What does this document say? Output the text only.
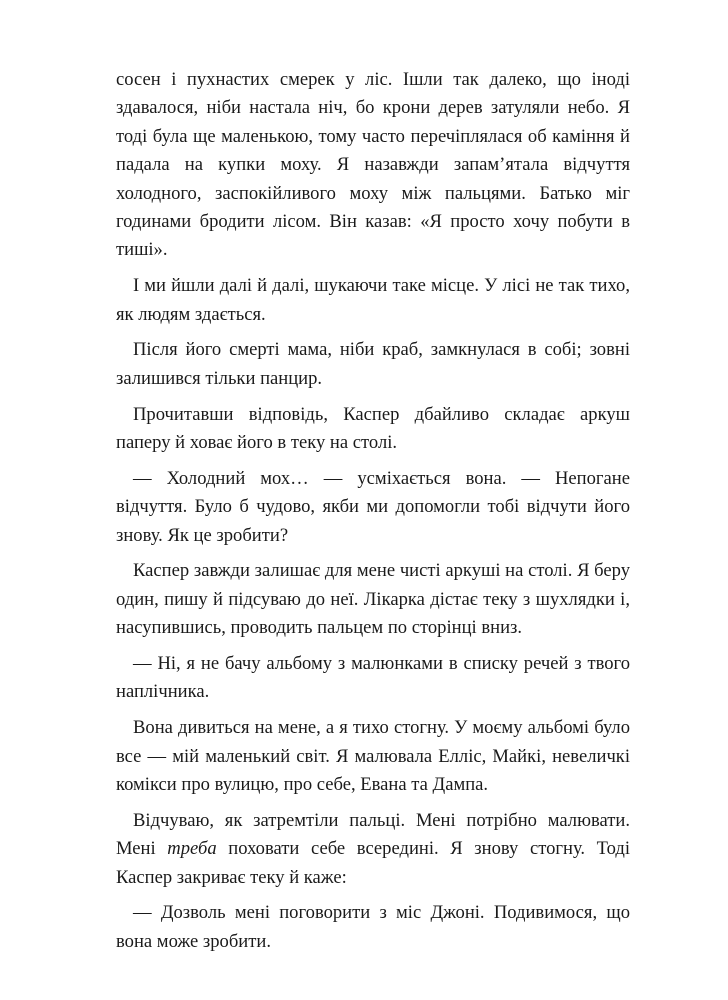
сосен і пухнастих смерек у ліс. Ішли так далеко, що іноді здавалося, ніби настала ніч, бо крони дерев затуляли небо. Я тоді була ще маленькою, тому часто перечіплялася об каміння й падала на купки моху. Я назавжди запам’ятала відчуття холодного, заспокійливого моху між пальцями. Батько міг годинами бродити лісом. Він казав: «Я просто хочу побути в тиші».

І ми йшли далі й далі, шукаючи таке місце. У лісі не так тихо, як людям здається.

Після його смерті мама, ніби краб, замкнулася в собі; зовні залишився тільки панцир.

Прочитавши відповідь, Каспер дбайливо складає аркуш паперу й ховає його в теку на столі.

— Холодний мох… — усміхається вона. — Непогане відчуття. Було б чудово, якби ми допомогли тобі відчути його знову. Як це зробити?

Каспер завжди залишає для мене чисті аркуші на столі. Я беру один, пишу й підсуваю до неї. Лікарка дістає теку з шухлядки і, насупившись, проводить пальцем по сторінці вниз.

— Ні, я не бачу альбому з малюнками в списку речей з твого наплічника.

Вона дивиться на мене, а я тихо стогну. У моєму альбомі було все — мій маленький світ. Я малювала Елліс, Майкі, невеличкі комікси про вулицю, про себе, Евана та Дампа.

Відчуваю, як затремтіли пальці. Мені потрібно малювати. Мені треба поховати себе всередині. Я знову стогну. Тоді Каспер закриває теку й каже:

— Дозволь мені поговорити з міс Джоні. Подивимося, що вона може зробити.
